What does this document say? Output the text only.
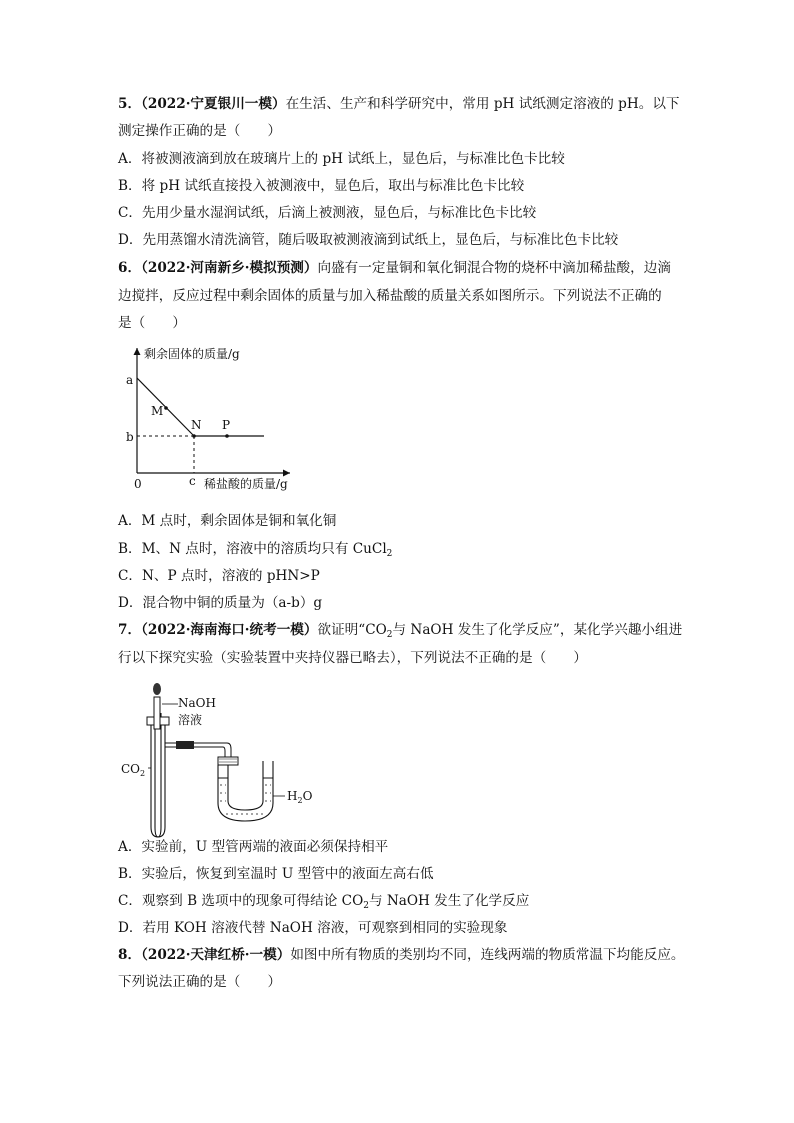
5．（2022·宁夏银川一模）在生活、生产和科学研究中，常用 pH 试纸测定溶液的 pH。以下
测定操作正确的是（　　）
A．将被测液滴到放在玻璃片上的 pH 试纸上，显色后，与标准比色卡比较
B．将 pH 试纸直接投入被测液中，显色后，取出与标准比色卡比较
C．先用少量水湿润试纸，后滴上被测液，显色后，与标准比色卡比较
D．先用蒸馏水清洗滴管，随后吸取被测液滴到试纸上，显色后，与标准比色卡比较
6．（2022·河南新乡·模拟预测）向盛有一定量铜和氧化铜混合物的烧杯中滴加稀盐酸，边滴
边搅拌，反应过程中剩余固体的质量与加入稀盐酸的质量关系如图所示。下列说法不正确的
是（　　）
剩余固体的质量/g
稀盐酸的质量/g
0
a
b
c
M
N P
A．M 点时，剩余固体是铜和氧化铜
B．M、N 点时，溶液中的溶质均只有 CuCl$_2$
C．N、P 点时，溶液的 pHN>P
D．混合物中铜的质量为（a-b）g
7．（2022·海南海口·统考一模）欲证明“$CO_2$与 NaOH 发生了化学反应”，某化学兴趣小组进
行以下探究实验（实验装置中夹持仪器已略去），下列说法不正确的是（　　）
NaOH
溶液
$CO_2$
$H_2O$
A．实验前，U 型管两端的液面必须保持相平
B．实验后，恢复到室温时 U 型管中的液面左高右低
C．观察到 B 选项中的现象可得结论 $CO_2$与 NaOH 发生了化学反应
D．若用 KOH 溶液代替 NaOH 溶液，可观察到相同的实验现象
8．（2022·天津红桥·一模）如图中所有物质的类别均不同，连线两端的物质常温下均能反应。
下列说法正确的是（　　）
